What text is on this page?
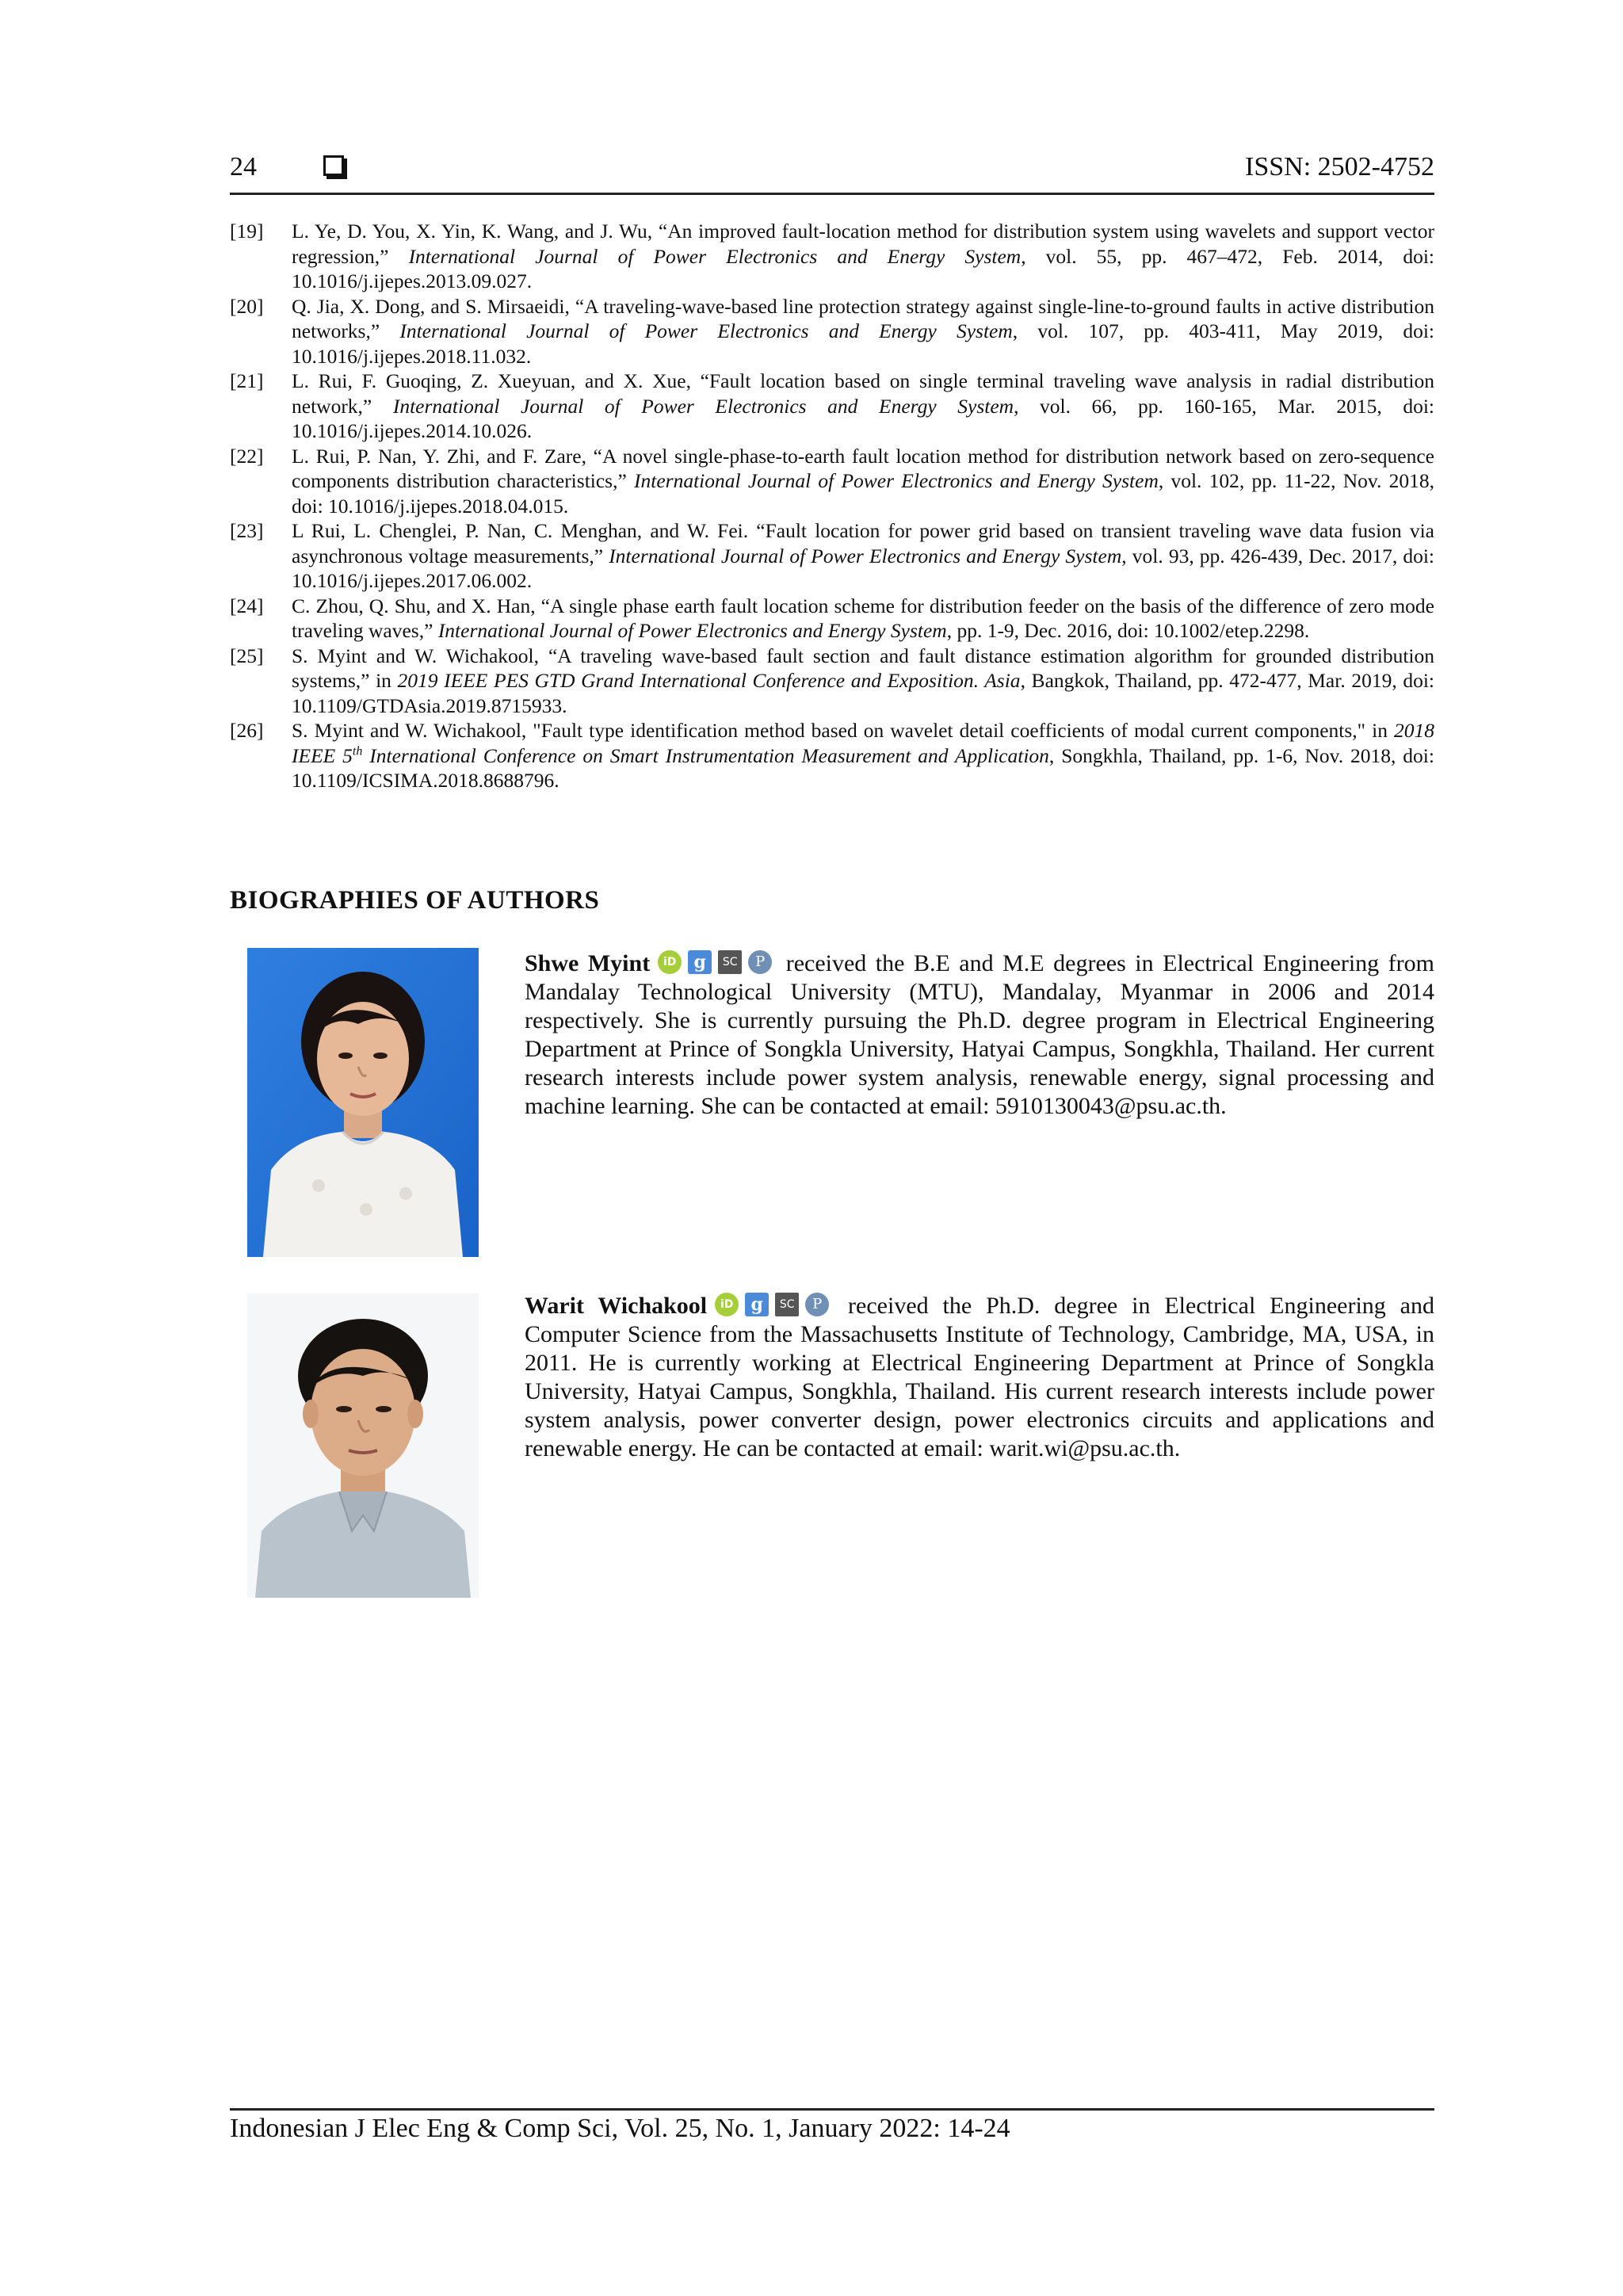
24	ISSN: 2502-4752
[19]	L. Ye, D. You, X. Yin, K. Wang, and J. Wu, “An improved fault-location method for distribution system using wavelets and support vector regression,” International Journal of Power Electronics and Energy System, vol. 55, pp. 467–472, Feb. 2014, doi: 10.1016/j.ijepes.2013.09.027.
[20]	Q. Jia, X. Dong, and S. Mirsaeidi, “A traveling-wave-based line protection strategy against single-line-to-ground faults in active distribution networks,” International Journal of Power Electronics and Energy System, vol. 107, pp. 403-411, May 2019, doi: 10.1016/j.ijepes.2018.11.032.
[21]	L. Rui, F. Guoqing, Z. Xueyuan, and X. Xue, “Fault location based on single terminal traveling wave analysis in radial distribution network,” International Journal of Power Electronics and Energy System, vol. 66, pp. 160-165, Mar. 2015, doi: 10.1016/j.ijepes.2014.10.026.
[22]	L. Rui, P. Nan, Y. Zhi, and F. Zare, “A novel single-phase-to-earth fault location method for distribution network based on zero-sequence components distribution characteristics,” International Journal of Power Electronics and Energy System, vol. 102, pp. 11-22, Nov. 2018, doi: 10.1016/j.ijepes.2018.04.015.
[23]	L Rui, L. Chenglei, P. Nan, C. Menghan, and W. Fei. “Fault location for power grid based on transient traveling wave data fusion via asynchronous voltage measurements,” International Journal of Power Electronics and Energy System, vol. 93, pp. 426-439, Dec. 2017, doi: 10.1016/j.ijepes.2017.06.002.
[24]	C. Zhou, Q. Shu, and X. Han, “A single phase earth fault location scheme for distribution feeder on the basis of the difference of zero mode traveling waves,” International Journal of Power Electronics and Energy System, pp. 1-9, Dec. 2016, doi: 10.1002/etep.2298.
[25]	S. Myint and W. Wichakool, “A traveling wave-based fault section and fault distance estimation algorithm for grounded distribution systems,” in 2019 IEEE PES GTD Grand International Conference and Exposition. Asia, Bangkok, Thailand, pp. 472-477, Mar. 2019, doi: 10.1109/GTDAsia.2019.8715933.
[26]	S. Myint and W. Wichakool, "Fault type identification method based on wavelet detail coefficients of modal current components," in 2018 IEEE 5th International Conference on Smart Instrumentation Measurement and Application, Songkhla, Thailand, pp. 1-6, Nov. 2018, doi: 10.1109/ICSIMA.2018.8688796.
BIOGRAPHIES OF AUTHORS
Shwe Myint	iD	g	SC	P received the B.E and M.E degrees in Electrical Engineering from Mandalay Technological University (MTU), Mandalay, Myanmar in 2006 and 2014 respectively. She is currently pursuing the Ph.D. degree program in Electrical Engineering Department at Prince of Songkla University, Hatyai Campus, Songkhla, Thailand. Her current research interests include power system analysis, renewable energy, signal processing and machine learning. She can be contacted at email: 5910130043@psu.ac.th.
Warit Wichakool	iD	g	SC	P received the Ph.D. degree in Electrical Engineering and Computer Science from the Massachusetts Institute of Technology, Cambridge, MA, USA, in 2011. He is currently working at Electrical Engineering Department at Prince of Songkla University, Hatyai Campus, Songkhla, Thailand. His current research interests include power system analysis, power converter design, power electronics circuits and applications and renewable energy. He can be contacted at email: warit.wi@psu.ac.th.
Indonesian J Elec Eng & Comp Sci, Vol. 25, No. 1, January 2022: 14-24
